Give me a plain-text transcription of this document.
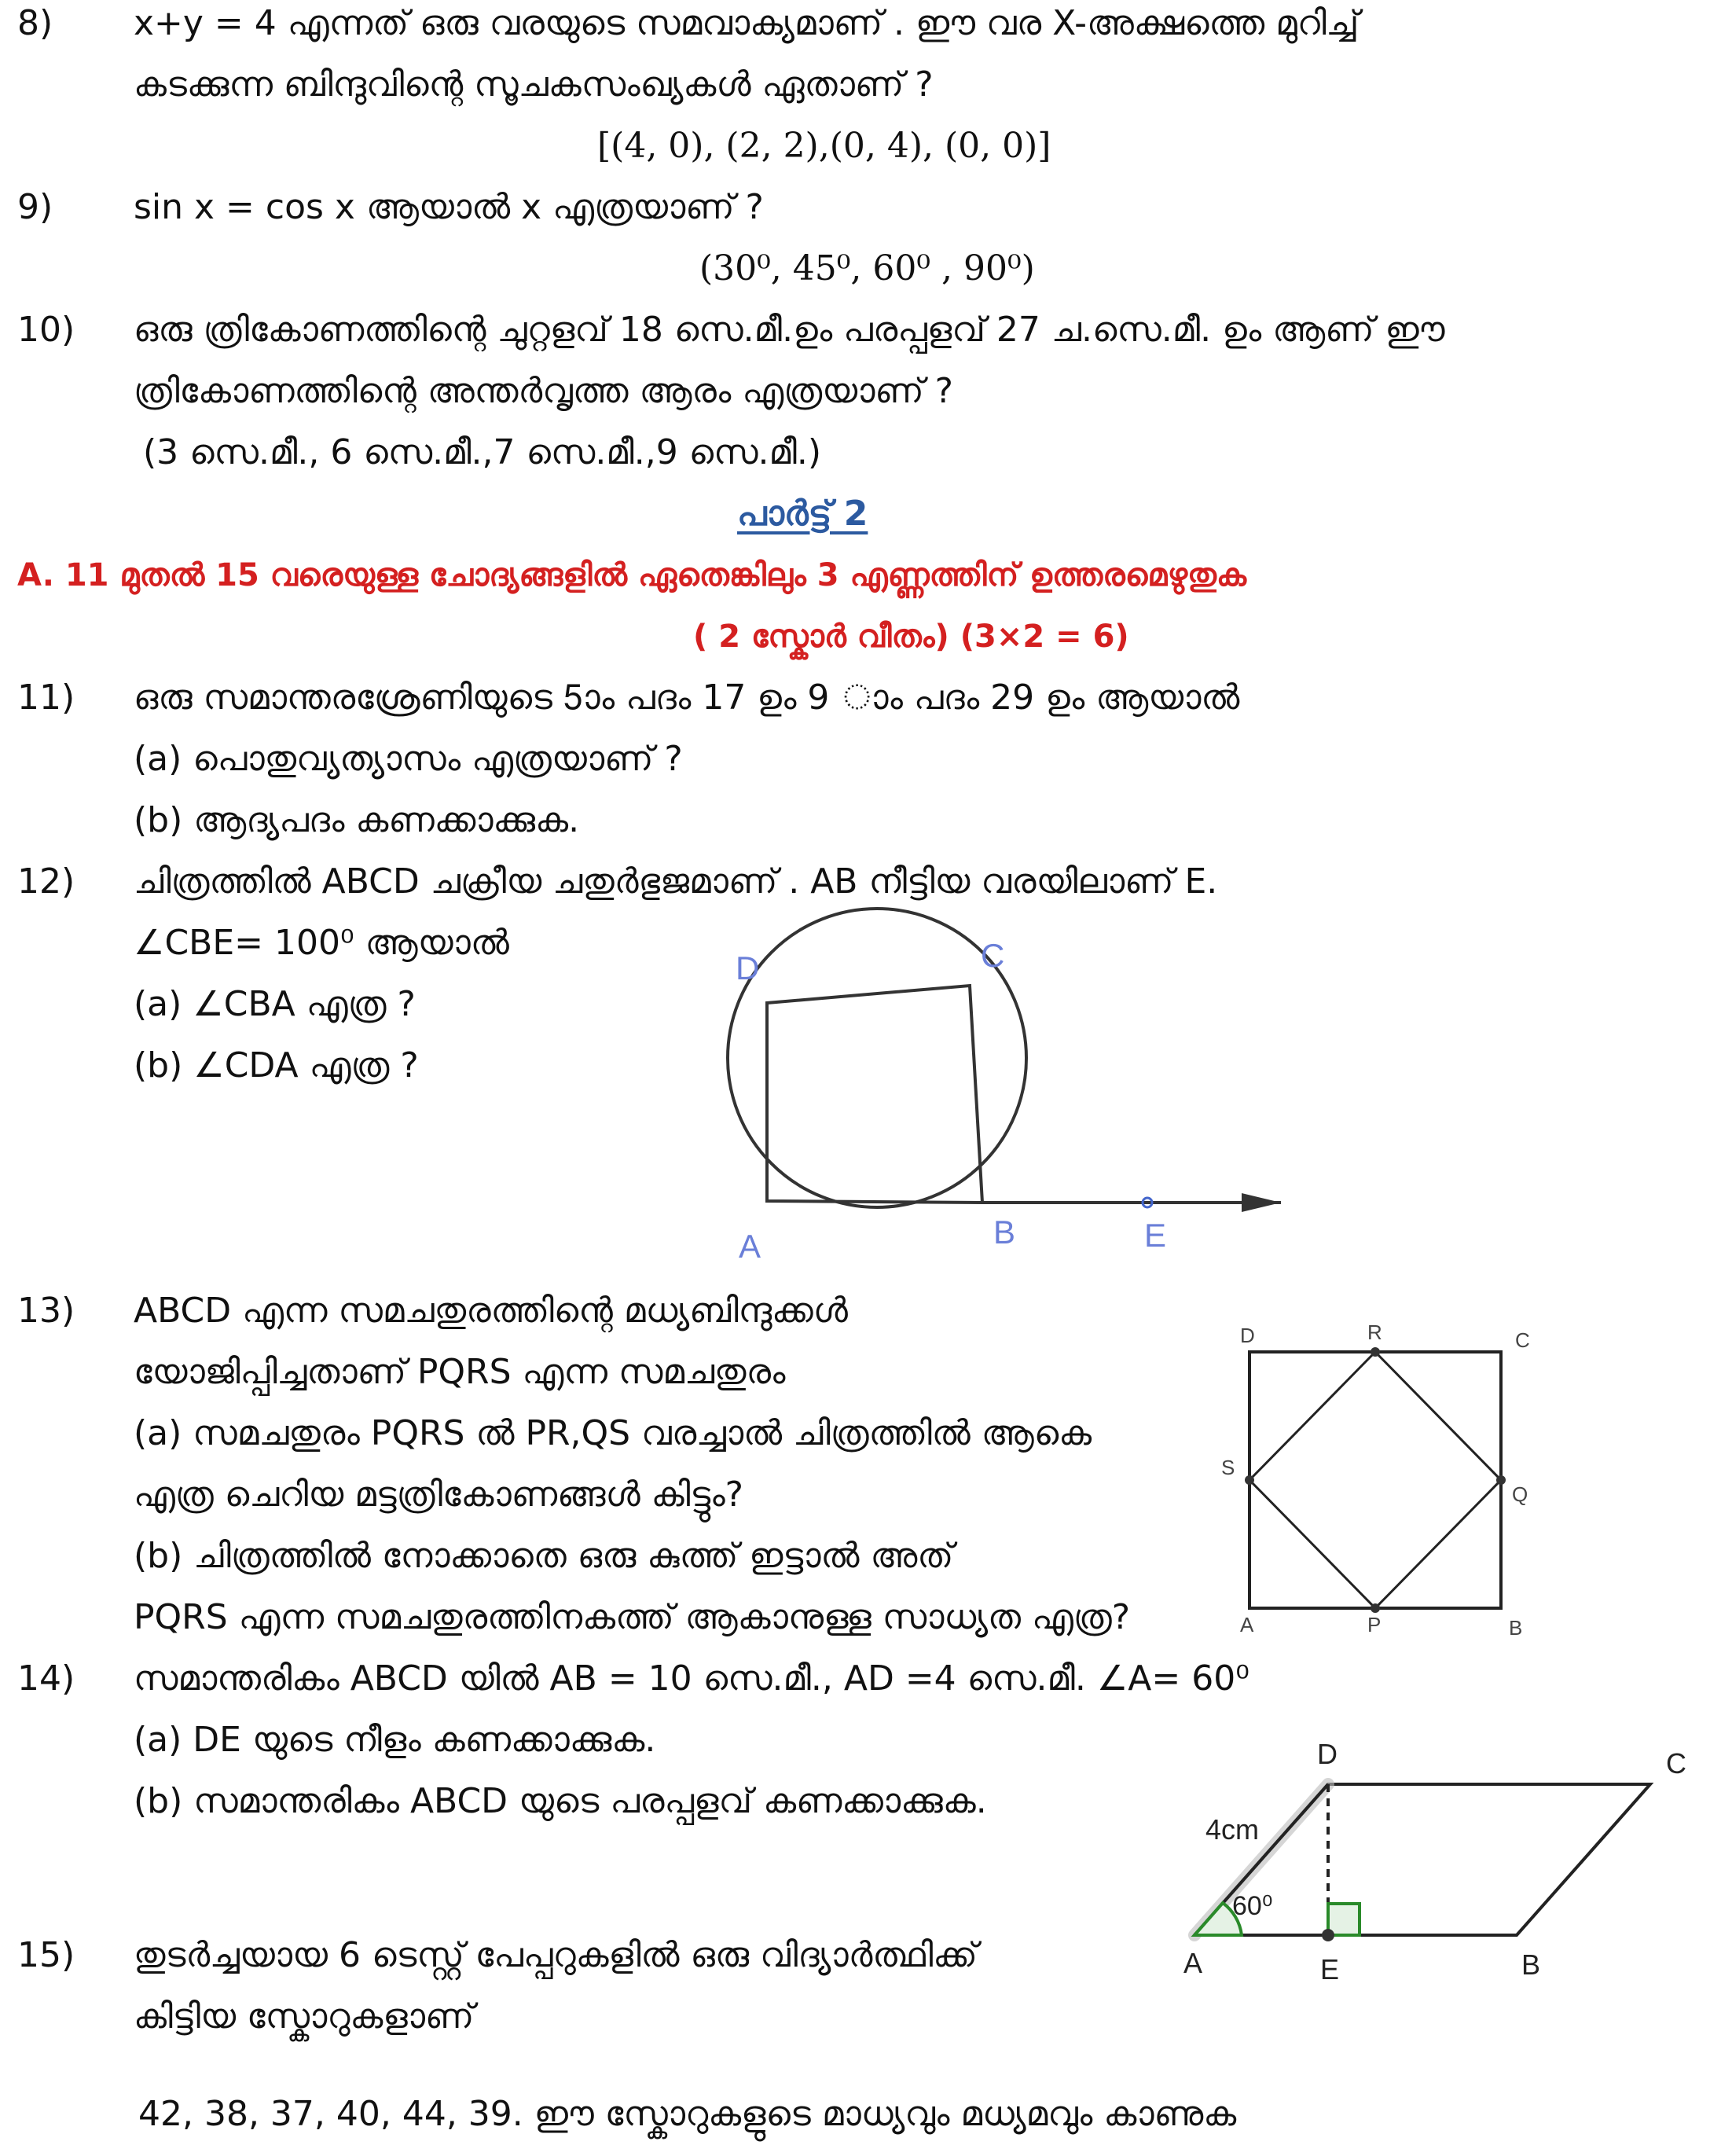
8) x+y = 4 എന്നത് ഒരു വരയുടെ സമവാക്യമാണ് . ഈ വര X-അക്ഷത്തെ മുറിച്ച്
കടക്കുന്ന ബിന്ദുവിന്റെ സൂചകസംഖ്യകൾ ഏതാണ് ?
[(4, 0), (2, 2),(0, 4), (0, 0)]
9) sin x = cos x ആയാൽ x എത്രയാണ് ?
(30⁰, 45⁰, 60⁰ , 90⁰)
10) ഒരു ത്രികോണത്തിന്റെ ചുറ്റളവ് 18 സെ.മീ.ഉം പരപ്പളവ് 27 ച.സെ.മീ. ഉം ആണ് ഈ
ത്രികോണത്തിന്റെ അന്തർവൃത്ത ആരം എത്രയാണ് ?
(3 സെ.മീ., 6 സെ.മീ.,7 സെ.മീ.,9 സെ.മീ.)
പാർട്ട് 2
A. 11 മുതൽ 15 വരെയുള്ള ചോദ്യങ്ങളിൽ ഏതെങ്കിലും 3 എണ്ണത്തിന് ഉത്തരമെഴുതുക
( 2 സ്കോർ വീതം) (3×2 = 6)
11) ഒരു സമാന്തരശ്രേണിയുടെ 5ാം പദം 17 ഉം 9 ാം പദം 29 ഉം ആയാൽ
(a) പൊതുവ്യത്യാസം എത്രയാണ് ?
(b) ആദ്യപദം കണക്കാക്കുക.
12) ചിത്രത്തിൽ ABCD ചക്രീയ ചതുർഭുജമാണ് . AB നീട്ടിയ വരയിലാണ് E.
∠CBE= 100⁰ ആയാൽ
(a) ∠CBA എത്ര ?
(b) ∠CDA എത്ര ?
D	C
A	B	E
13) ABCD എന്ന സമചതുരത്തിന്റെ മധ്യബിന്ദുക്കൾ
യോജിപ്പിച്ചതാണ് PQRS എന്ന സമചതുരം
(a) സമചതുരം PQRS ൽ PR,QS വരച്ചാൽ ചിത്രത്തിൽ ആകെ
എത്ര ചെറിയ മട്ടത്രികോണങ്ങൾ കിട്ടും?
(b) ചിത്രത്തിൽ നോക്കാതെ ഒരു കുത്ത് ഇട്ടാൽ അത്
PQRS എന്ന സമചതുരത്തിനകത്ത് ആകാനുള്ള സാധ്യത എത്ര?
D	R	C
S
Q
A	P	B
14) സമാന്തരികം ABCD യിൽ AB = 10 സെ.മീ., AD =4 സെ.മീ. ∠A= 60⁰
(a) DE യുടെ നീളം കണക്കാക്കുക.
(b) സമാന്തരികം ABCD യുടെ പരപ്പളവ് കണക്കാക്കുക.
D	C
A	E	B
4cm
60⁰
15) തുടർച്ചയായ 6 ടെസ്റ്റ് പേപ്പറുകളിൽ ഒരു വിദ്യാർത്ഥിക്ക്
കിട്ടിയ സ്കോറുകളാണ്
42, 38, 37, 40, 44, 39. ഈ സ്കോറുകളുടെ മാധ്യവും മധ്യമവും കാണുക
